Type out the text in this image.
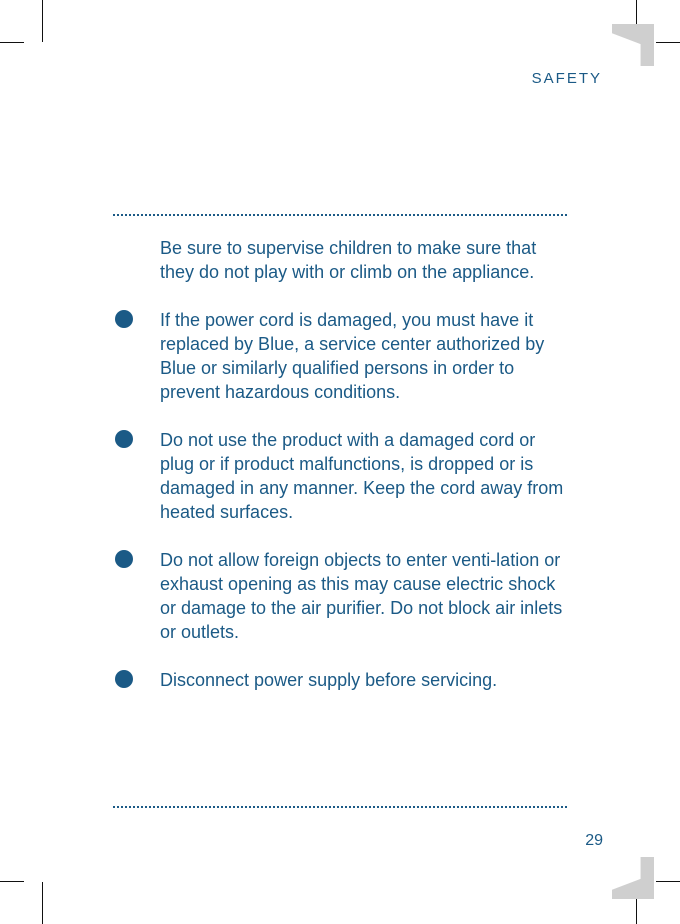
SAFETY
Be sure to supervise children to make sure that they do not play with or climb on the appliance.
If the power cord is damaged, you must have it replaced by Blue, a service center authorized by Blue or similarly qualified persons in order to prevent hazardous conditions.
Do not use the product with a damaged cord or plug or if product malfunctions, is dropped or is damaged in any manner. Keep the cord away from heated surfaces.
Do not allow foreign objects to enter venti-lation or exhaust opening as this may cause electric shock or damage to the air purifier. Do not block air inlets or outlets.
Disconnect power supply before servicing.
29
